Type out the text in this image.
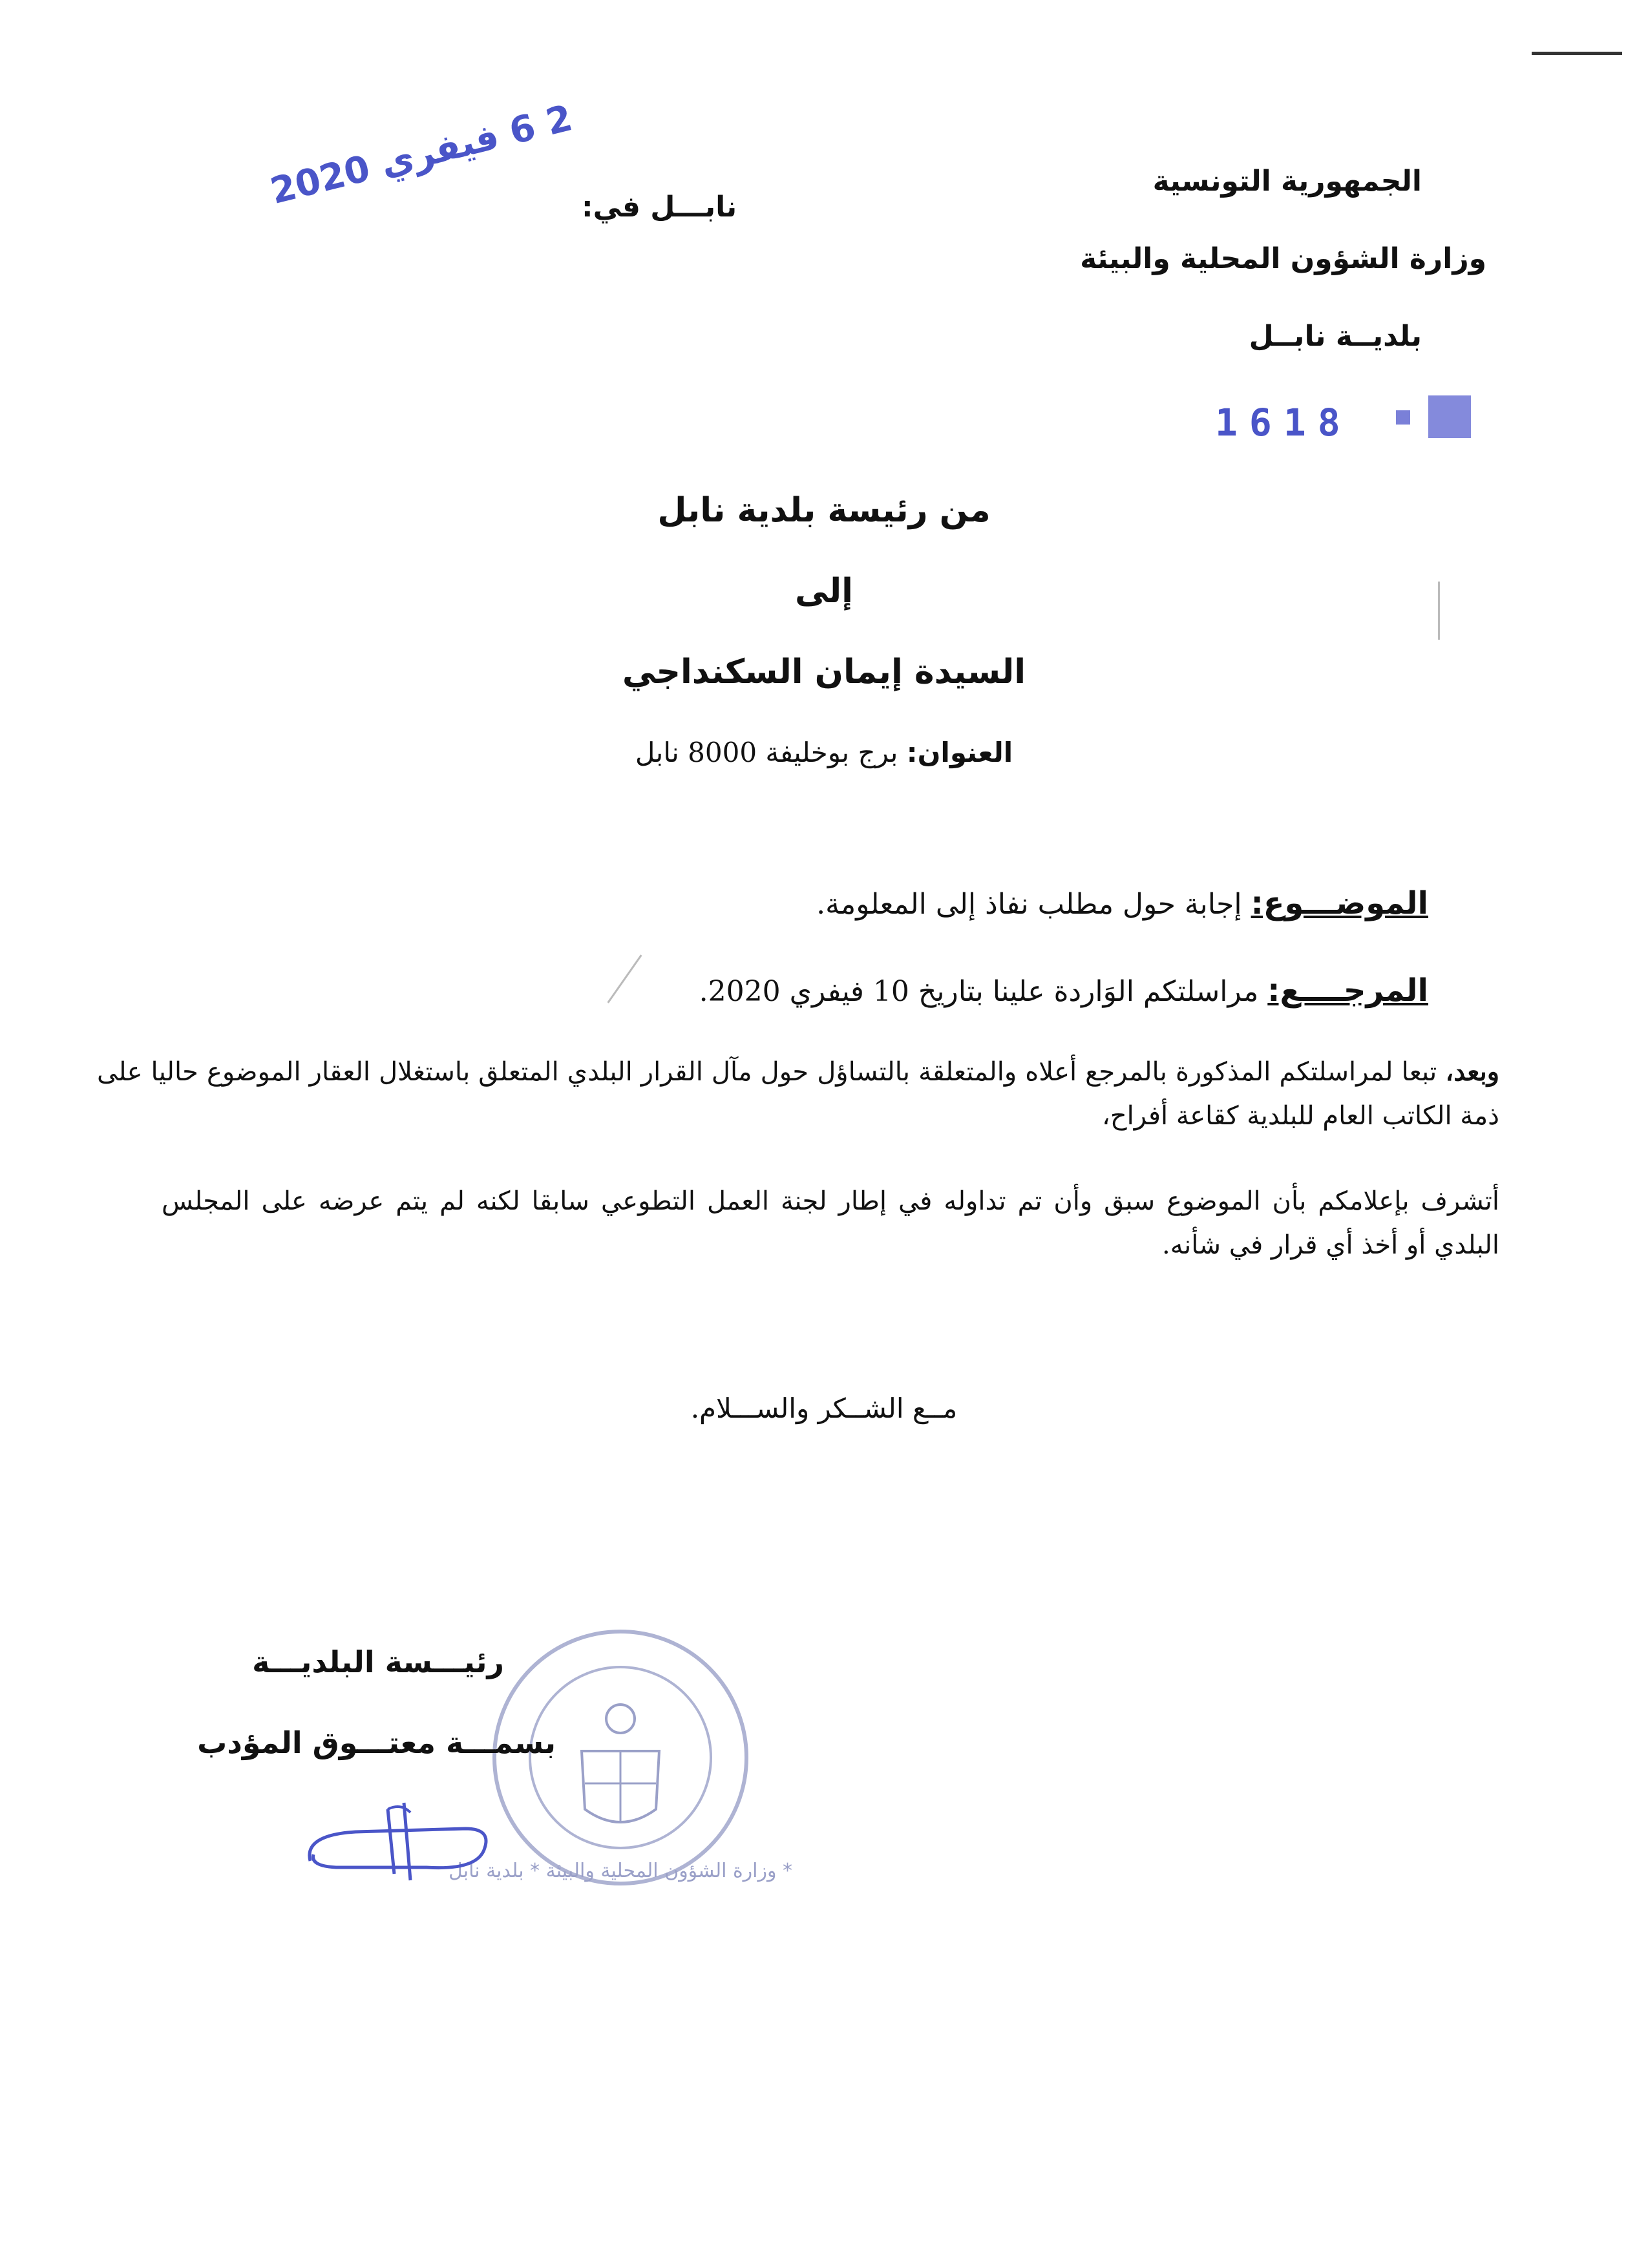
الجمهورية التونسية
وزارة الشؤون المحلية والبيئة
بلديــة نابــل
1618
نابـــل في:
2 6 فيفري 2020
من رئيسة بلدية نابل
إلى
السيدة إيمان السكنداجي
العنوان: برج بوخليفة 8000 نابل
الموضـــوع: إجابة حول مطلب نفاذ إلى المعلومة.
المرجــــع: مراسلتكم الوَاردة علينا بتاريخ 10 فيفري 2020.
وبعد، تبعا لمراسلتكم المذكورة بالمرجع أعلاه والمتعلقة بالتساؤل حول مآل القرار البلدي المتعلق باستغلال العقار الموضوع حاليا على ذمة الكاتب العام للبلدية كقاعة أفراح،
أتشرف بإعلامكم بأن الموضوع سبق وأن تم تداوله في إطار لجنة العمل التطوعي سابقا لكنه لم يتم عرضه على المجلس البلدي أو أخذ أي قرار في شأنه.
مــع الشــكر والســـلام.
وزارة الشؤون المحلية والبيئة * بلدية نابل *
رئيـــسة البلديـــة
بسمـــة معتـــوق المؤدب
